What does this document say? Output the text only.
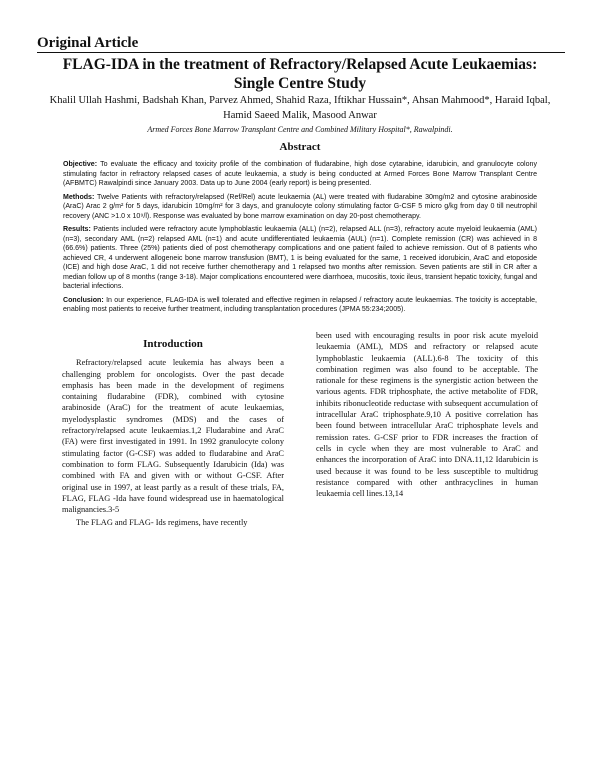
Original Article
FLAG-IDA in the treatment of Refractory/Relapsed Acute Leukaemias:
Single Centre Study
Khalil Ullah Hashmi, Badshah Khan, Parvez Ahmed, Shahid Raza, Iftikhar Hussain*, Ahsan Mahmood*, Haraid Iqbal,
Hamid Saeed Malik, Masood Anwar
Armed Forces Bone Marrow Transplant Centre and Combined Military Hospital*, Rawalpindi.
Abstract

Objective: To evaluate the efficacy and toxicity profile of the combination of fludarabine, high dose cytarabine, idarubicin, and granulocyte colony stimulating factor in refractory relapsed cases of acute leukaemia, a study is being conducted at Armed Forces Bone Marrow Transplant Centre (AFBMTC) Rawalpindi since January 2003. Data up to June 2004 (early report) is being presented.

Methods: Twelve Patients with refractory/relapsed (Ref/Rel) acute leukaemia (AL) were treated with fludarabine 30mg/m2 and cytosine arabinoside (AraC) Arac 2 g/m² for 5 days, idarubicin 10mg/m² for 3 days, and granulocyte colony stimulating factor G-CSF 5 micro g/kg from day 0 till neutrophil recovery (ANC >1.0 x 10⁹/l). Response was evaluated by bone marrow examination on day 20-post chemotherapy.

Results: Patients included were refractory acute lymphoblastic leukaemia (ALL) (n=2), relapsed ALL (n=3), refractory acute myeloid leukaemia (AML) (n=3), secondary AML (n=2) relapsed AML (n=1) and acute undifferentiated leukaemia (AUL) (n=1). Complete remission (CR) was achieved in 8 (66.6%) patients. Three (25%) patients died of post chemotherapy complications and one patient failed to achieve remission. Out of 8 patients who achieved CR, 4 underwent allogeneic bone marrow transfusion (BMT), 1 is being evaluated for the same, 1 received idorubicin, AraC and etoposide (ICE) and high dose AraC, 1 did not receive further chemotherapy and 1 relapsed two months after remission. Seven patients are still in CR after a median follow up of 8 months (range 3-18). Major complications encountered were diarrhoea, mucositis, toxic ileus, transient hepatic toxicity, fungal and bacterial infections.

Conclusion: In our experience, FLAG-IDA is well tolerated and effective regimen in relapsed / refractory acute leukaemias. The toxicity is acceptable, enabling most patients to receive further treatment, including transplantation procedures (JPMA 55:234;2005).

Introduction

Refractory/relapsed acute leukemia has always been a challenging problem for oncologists. Over the past decade emphasis has been made in the development of regimens containing fludarabine (FDR), combined with cytosine arabinoside (AraC) for the treatment of acute leukaemias, myelodysplastic syndromes (MDS) and the cases of refractory/relapsed acute leukaemias.1,2 Fludarabine and AraC (FA) were first investigated in 1991. In 1992 granulocyte colony stimulating factor (G-CSF) was added to fludarabine and AraC combination to form FLAG. Subsequently Idarubicin (Ida) was combined with FA and given with or without G-CSF. After original use in 1997, at least partly as a result of these trials, FA, FLAG, FLAG -Ida have found widespread use in haematological malignancies.3-5

The FLAG and FLAG- Ids regimens, have recently

been used with encouraging results in poor risk acute myeloid leukaemia (AML), MDS and refractory or relapsed acute lymphoblastic leukaemia (ALL).6-8 The toxicity of this combination regimen was also found to be acceptable. The rationale for these regimens is the synergistic action between the various agents. FDR triphosphate, the active metabolite of FDR, inhibits ribonucleotide reductase with subsequent accumulation of intracellular AraC triphosphate.9,10 A positive correlation has been found between intracellular AraC triphosphate levels and remission rates. G-CSF prior to FDR increases the fraction of cells in cycle when they are most vulnerable to AraC and enhances the incorporation of AraC into DNA.11,12 Idarubicin is used because it was found to be less susceptible to multidrug resistance compared with other anthracyclines in human leukaemia cell lines.13,14
